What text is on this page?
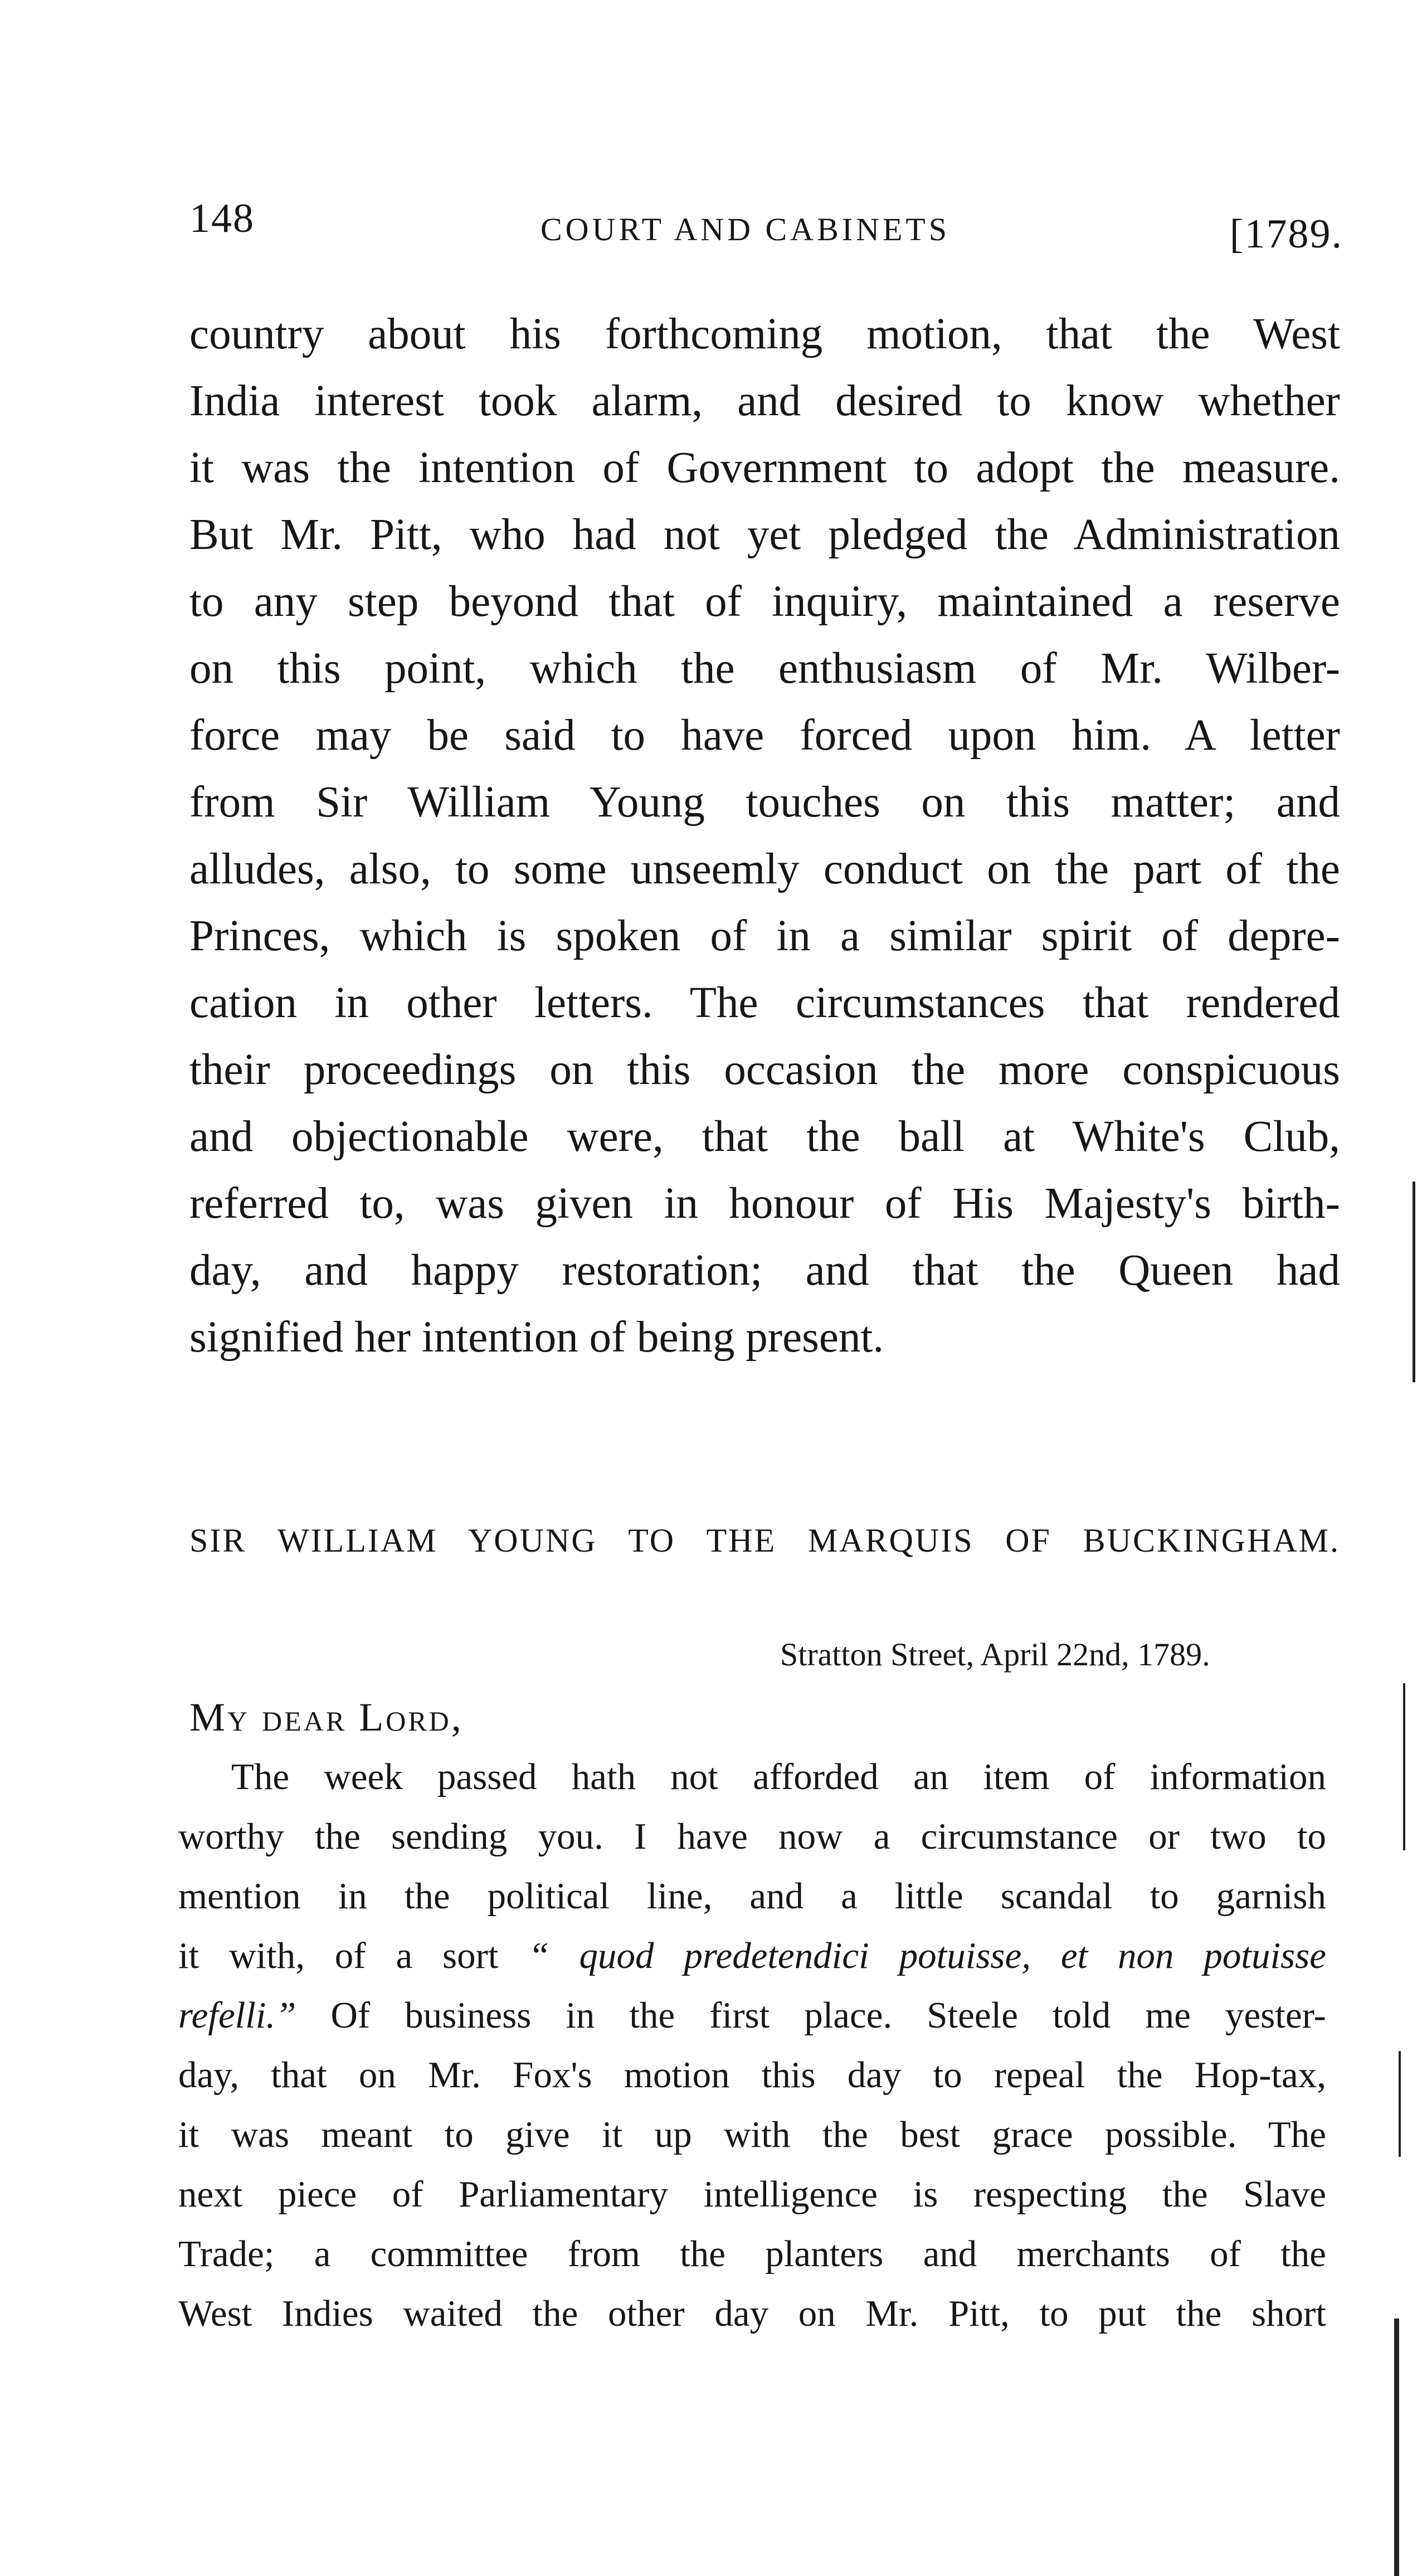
148	COURT AND CABINETS	[1789.
country about his forthcoming motion, that the West
India interest took alarm, and desired to know whether
it was the intention of Government to adopt the measure.
But Mr. Pitt, who had not yet pledged the Administration
to any step beyond that of inquiry, maintained a reserve
on this point, which the enthusiasm of Mr. Wilber-
force may be said to have forced upon him. A letter
from Sir William Young touches on this matter; and
alludes, also, to some unseemly conduct on the part of the
Princes, which is spoken of in a similar spirit of depre-
cation in other letters. The circumstances that rendered
their proceedings on this occasion the more conspicuous
and objectionable were, that the ball at White's Club,
referred to, was given in honour of His Majesty's birth-
day, and happy restoration; and that the Queen had
signified her intention of being present.
SIR WILLIAM YOUNG TO THE MARQUIS OF BUCKINGHAM.
Stratton Street, April 22nd, 1789.
My dear Lord,
The week passed hath not afforded an item of information
worthy the sending you. I have now a circumstance or two to
mention in the political line, and a little scandal to garnish
it with, of a sort “ quod predetendici potuisse, et non potuisse
refelli.” Of business in the first place. Steele told me yester-
day, that on Mr. Fox's motion this day to repeal the Hop-tax,
it was meant to give it up with the best grace possible. The
next piece of Parliamentary intelligence is respecting the Slave
Trade; a committee from the planters and merchants of the
West Indies waited the other day on Mr. Pitt, to put the short
